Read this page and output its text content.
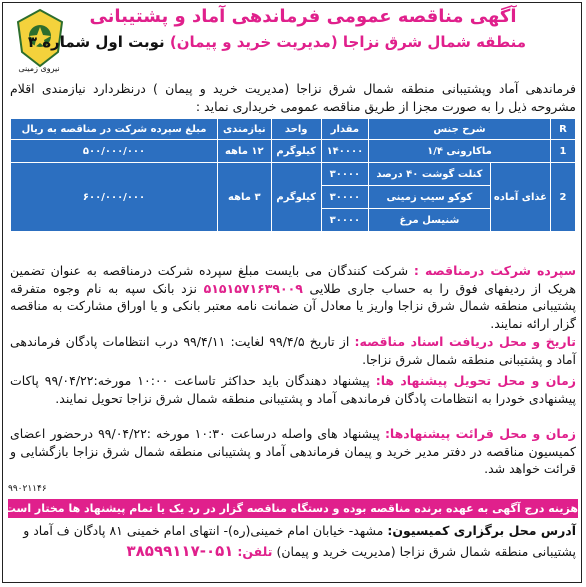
نیروی زمینی
آگهی مناقصه عمومی فرماندهی آماد و پشتیبانی
منطقه شمال شرق نزاجا (مدیریت خرید و پیمان) نوبت اول شماره ۳
فرماندهی آماد وپشتیبانی منطقه شمال شرق نزاجا (مدیریت خرید و پیمان ) درنظردارد نیازمندی اقلام مشروحه ذیل را به صورت مجزا از طریق مناقصه عمومی خریداری نماید :
R	شرح جنس		مقدار	واحد	نیازمندی	مبلغ سپرده شرکت در مناقصه به ریال
1	ماکارونی ۱/۴		۱۴۰۰۰۰	کیلوگرم	۱۲ ماهه	۵۰۰/۰۰۰/۰۰۰
2	غذای آماده	کنلت گوشت ۴۰ درصد	۳۰۰۰۰	کیلوگرم	۳ ماهه	۶۰۰/۰۰۰/۰۰۰
		کوکو سیب زمینی	۳۰۰۰۰			
		شنیسل مرغ	۳۰۰۰۰			
سپرده شرکت درمناقصه : شرکت کنندگان می بایست مبلغ سپرده شرکت درمناقصه به عنوان تضمین هریک از ردیفهای فوق را به حساب جاری طلایی ۵۱۵۱۵۷۱۶۳۹۰۰۹ نزد بانک سپه به نام وجوه متفرقه پشتیبانی منطقه شمال شرق نزاجا واریز یا معادل آن ضمانت نامه معتبر بانکی و یا اوراق مشارکت به مناقصه گزار ارائه نمایند.
تاریخ و محل دریافت اسناد مناقصه: از تاریخ ۹۹/۴/۵ لغایت: ۹۹/۴/۱۱ درب انتظامات پادگان فرماندهی آماد و پشتیبانی منطقه شمال شرق نزاجا.
زمان و محل تحویل پیشنهاد ها: پیشنهاد دهندگان باید حداکثر تاساعت ۱۰:۰۰ مورخه:۹۹/۰۴/۲۲ پاکات پیشنهادی خودرا به انتظامات پادگان فرماندهی آماد و پشتیبانی منطقه شمال شرق نزاجا تحویل نمایند.
زمان و محل قرائت پیشنهادها: پیشنهاد های واصله درساعت ۱۰:۳۰ مورخه :۹۹/۰۴/۲۲ درحضور اعضای کمیسیون مناقصه در دفتر مدیر خرید و پیمان فرماندهی آماد و پشتیبانی منطقه شمال شرق نزاجا بازگشایی و قرائت خواهد شد.
۹۹۰۲۱۱۴۶
هزینه درج آگهی به عهده برنده مناقصه بوده و دستگاه مناقصه گزار در رد یک یا تمام پیشنهاد ها مختار است
آدرس محل برگزاری کمیسیون: مشهد- خیابان امام خمینی(ره)- انتهای امام خمینی ۸۱ پادگان ف آماد و پشتیبانی منطقه شمال شرق نزاجا (مدیریت خرید و پیمان) تلفن: ۰۵۱-۳۸۵۹۹۱۱۷
